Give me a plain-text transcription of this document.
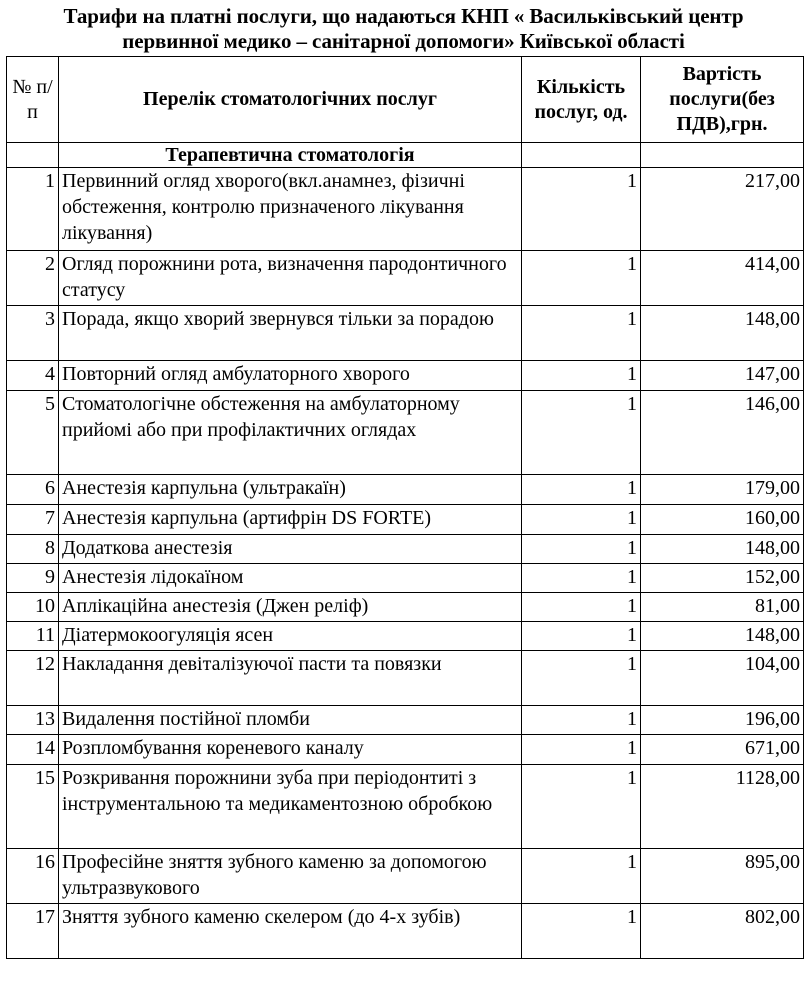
Тарифи на платні послуги, що надаються КНП « Васильківський центр
первинної медико – санітарної допомоги» Київської області
№ п/п	Перелік стоматологічних послуг	Кількість послуг, од.	Вартість послуги(без ПДВ),грн.
	Терапевтична стоматологія		
1	Первинний огляд хворого(вкл.анамнез, фізичні обстеження, контролю призначеного лікування лікування)	1	217,00
2	Огляд порожнини рота, визначення пародонтичного статусу	1	414,00
3	Порада, якщо хворий звернувся тільки за порадою	1	148,00
4	Повторний огляд амбулаторного хворого	1	147,00
5	Стоматологічне обстеження на амбулаторному прийомі або при профілактичних оглядах	1	146,00
6	Анестезія карпульна (ультракаїн)	1	179,00
7	Анестезія карпульна (артифрін DS FORTE)	1	160,00
8	Додаткова анестезія	1	148,00
9	Анестезія лідокаїном	1	152,00
10	Аплікаційна анестезія (Джен реліф)	1	81,00
11	Діатермокоогуляція ясен	1	148,00
12	Накладання девіталізуючої пасти та повязки	1	104,00
13	Видалення постійної пломби	1	196,00
14	Розпломбування кореневого каналу	1	671,00
15	Розкривання порожнини зуба при періодонтиті з інструментальною та медикаментозною обробкою	1	1128,00
16	Професійне зняття зубного каменю за допомогою ультразвукового	1	895,00
17	Зняття зубного каменю скелером (до 4-х зубів)	1	802,00
